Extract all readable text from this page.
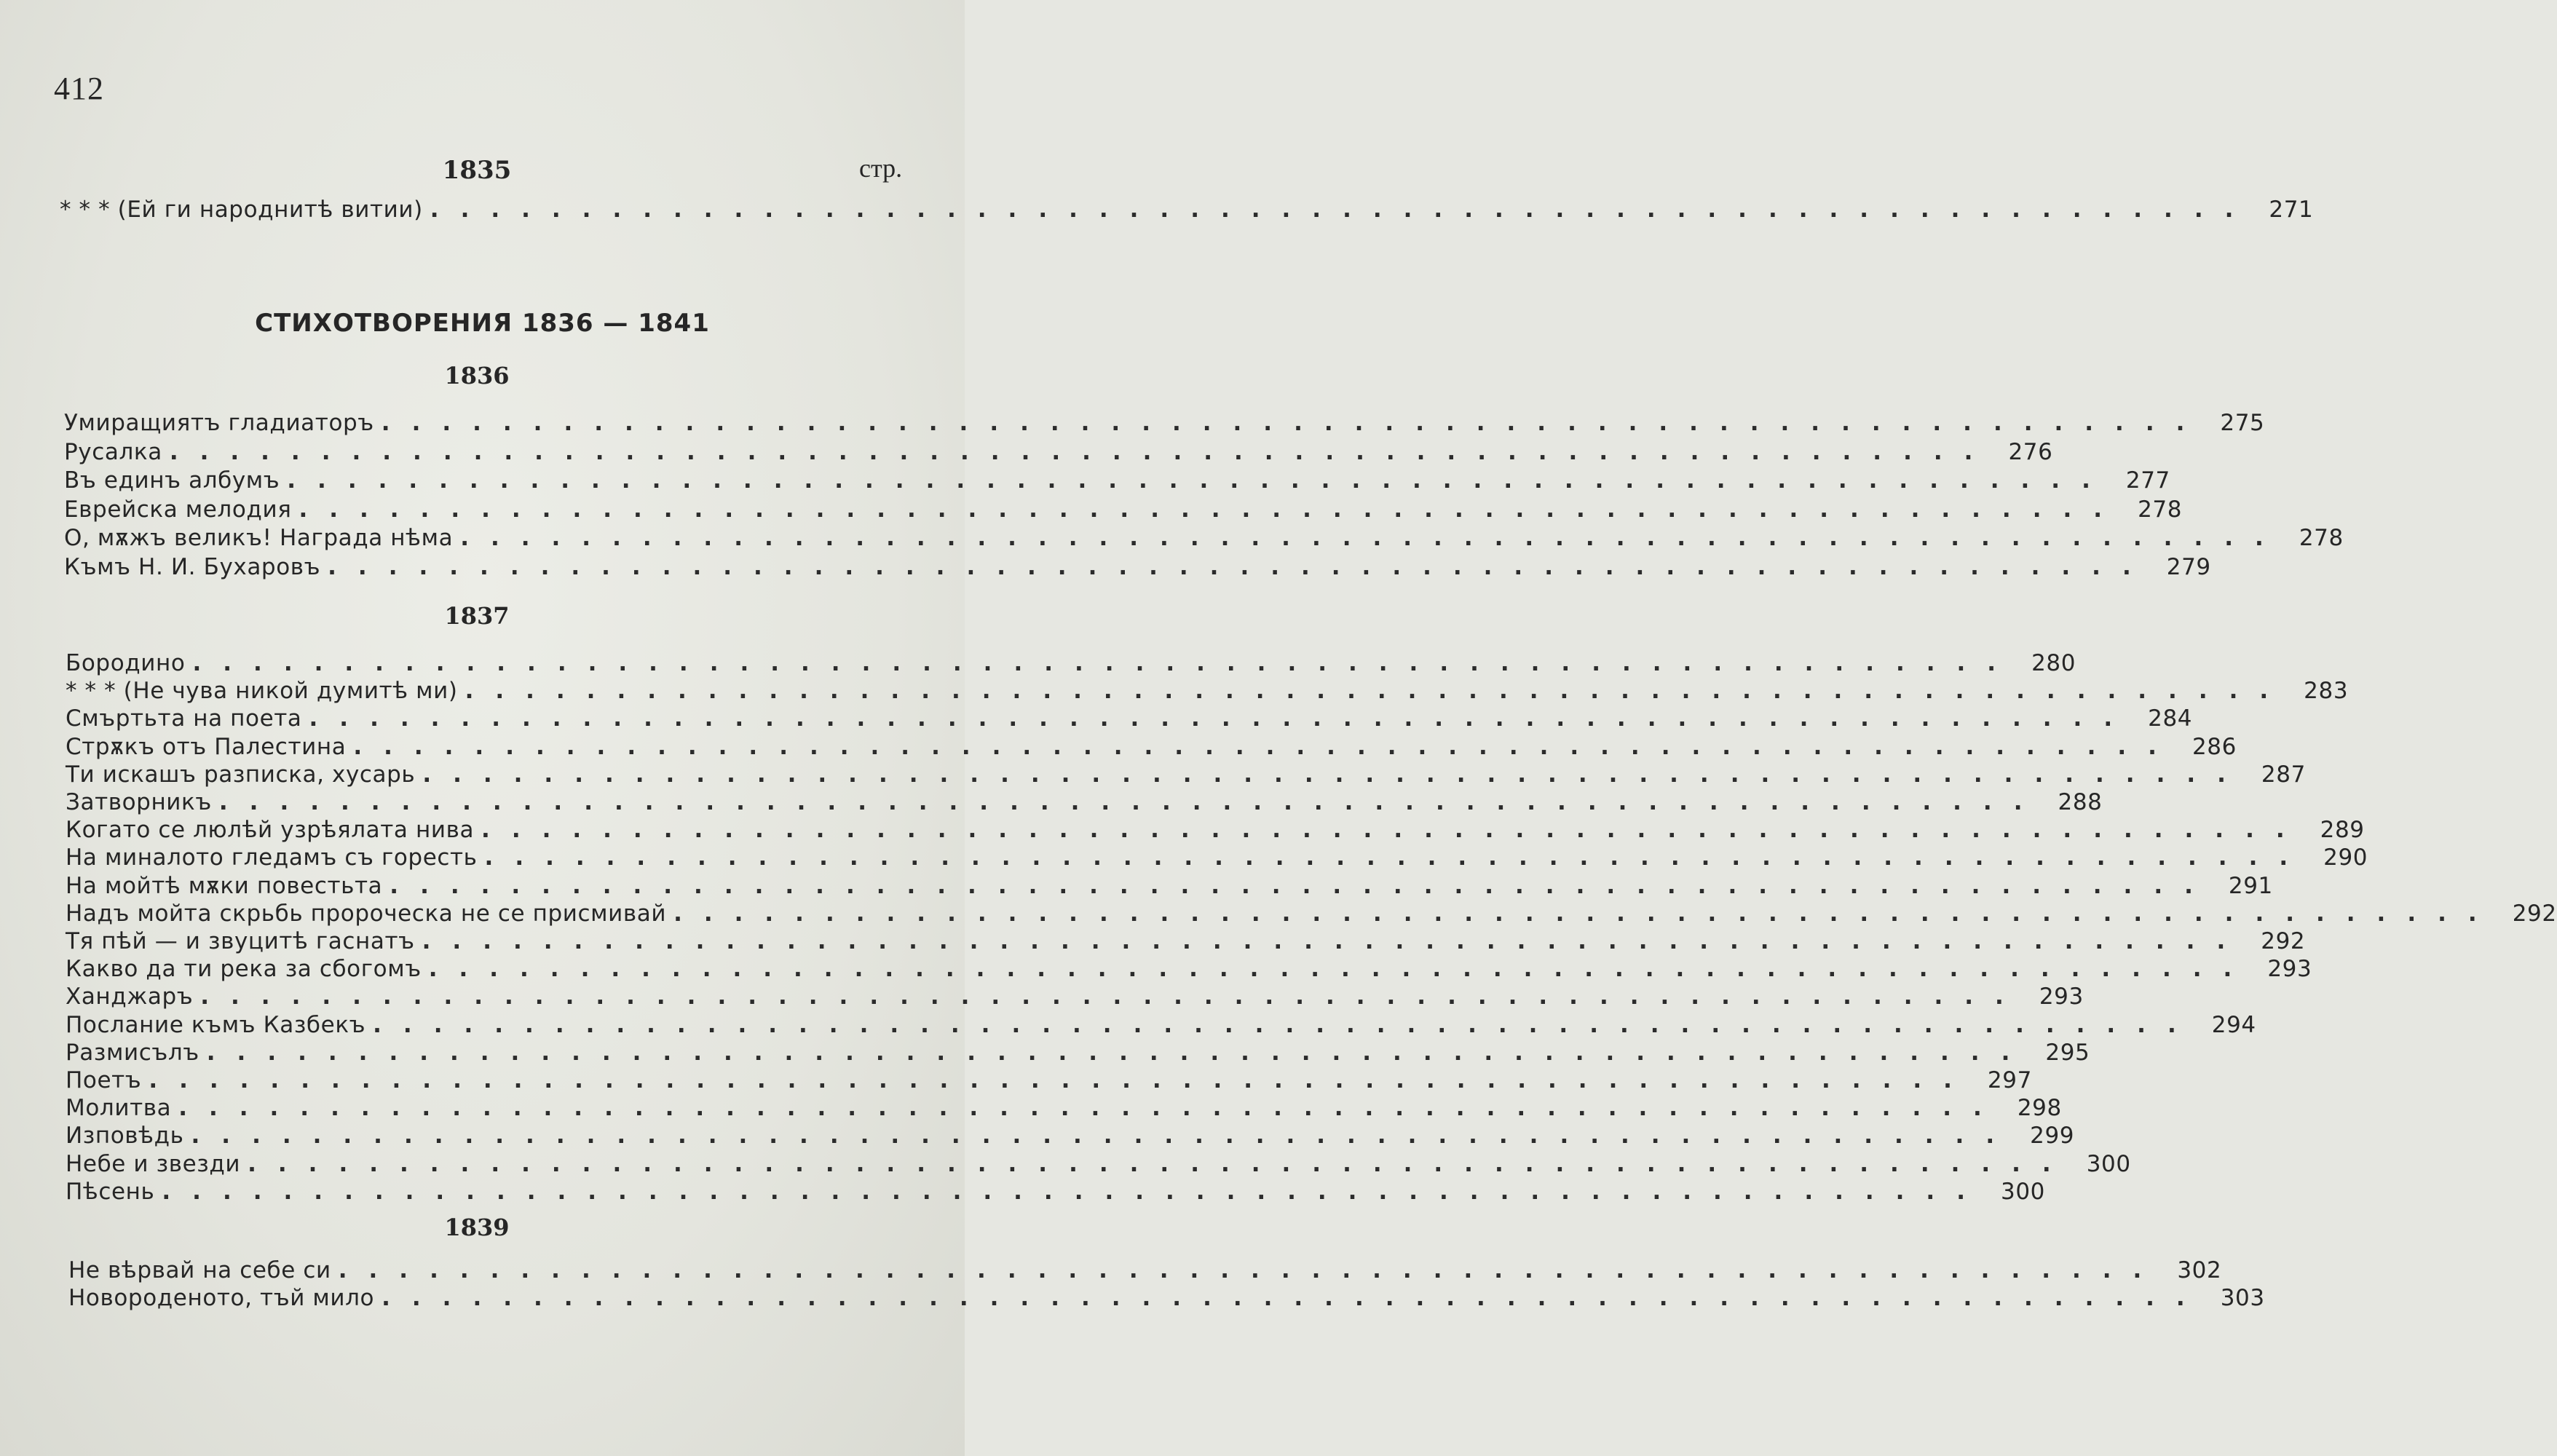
412
1835	стр.
* * * (Ей ги народнитѣ витии) ............................................................ 271
СТИХОТВОРЕНИЯ 1836 — 1841
1836
Умиращиятъ гладиаторъ ............................................................ 275
Русалка ............................................................ 276
Въ единъ албумъ ............................................................ 277
Еврейска мелодия ............................................................ 278
О, мѫжъ великъ! Награда нѣма ............................................................ 278
Къмъ Н. И. Бухаровъ ............................................................ 279
1837
Бородино ............................................................ 280
* * * (Не чува никой думитѣ ми) ............................................................ 283
Смъртьта на поета ............................................................ 284
Стрѫкъ отъ Палестина ............................................................ 286
Ти искашъ разписка, хусарь ............................................................ 287
Затворникъ ............................................................ 288
Когато се люлѣй узрѣялата нива ............................................................ 289
На миналото гледамъ съ горесть ............................................................ 290
На мойтѣ мѫки повестьта ............................................................ 291
Надъ мойта скрьбь пророческа не се присмивай ............................................................ 292
Тя пѣй — и звуцитѣ гаснатъ ............................................................ 292
Какво да ти река за сбогомъ ............................................................ 293
Ханджаръ ............................................................ 293
Послание къмъ Казбекъ ............................................................ 294
Размисълъ ............................................................ 295
Поетъ ............................................................ 297
Молитва ............................................................ 298
Изповѣдь ............................................................ 299
Небе и звезди ............................................................ 300
Пѣсень ............................................................ 300
1839
Не вѣрвай на себе си ............................................................ 302
Новороденото, тъй мило ............................................................ 303
